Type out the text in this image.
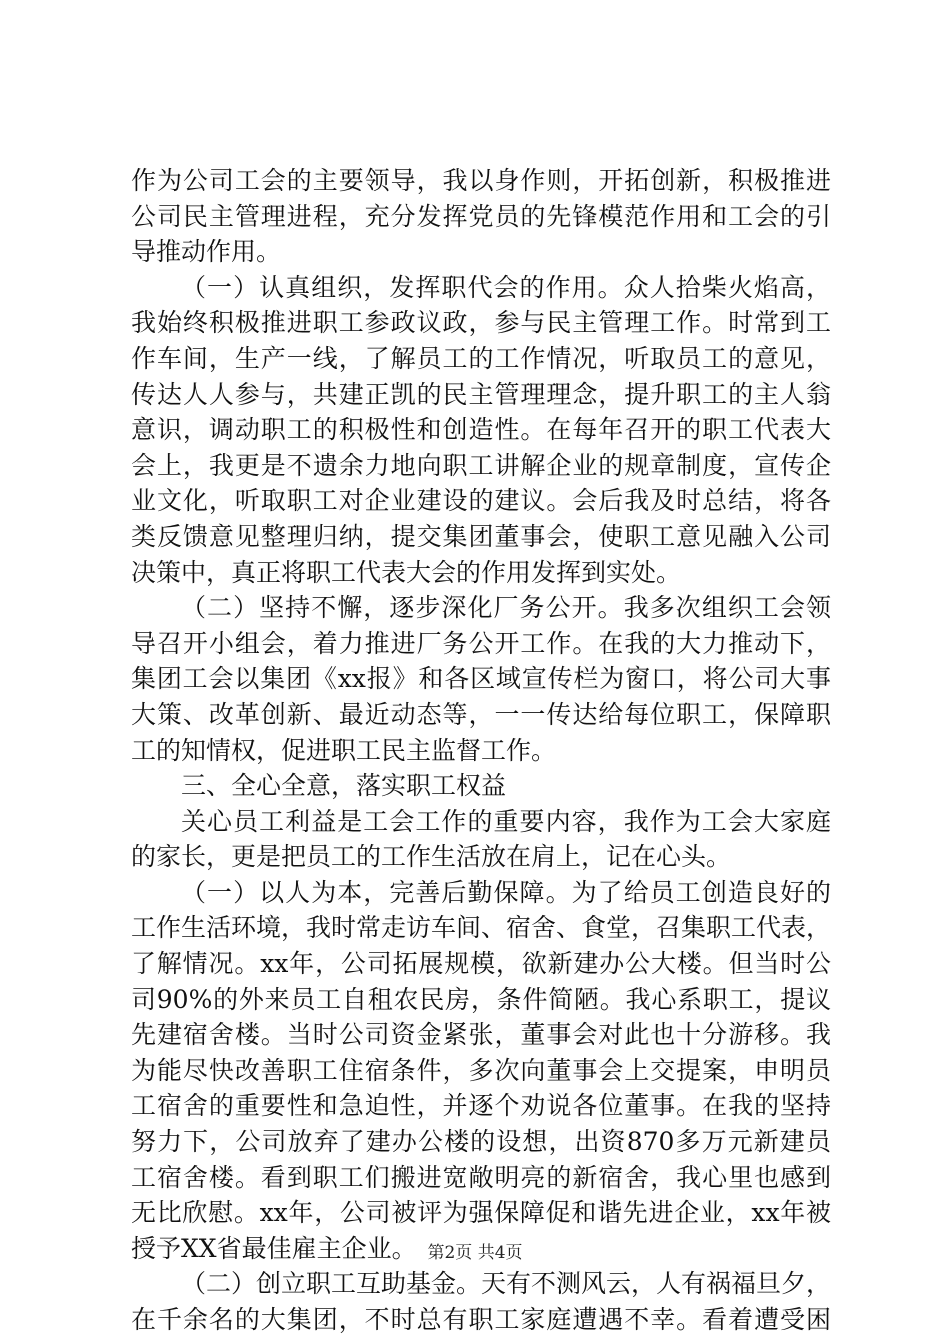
作为公司工会的主要领导，我以身作则，开拓创新，积极推进
公司民主管理进程，充分发挥党员的先锋模范作用和工会的引
导推动作用。
（一）认真组织，发挥职代会的作用。众人拾柴火焰高，
我始终积极推进职工参政议政，参与民主管理工作。时常到工
作车间，生产一线，了解员工的工作情况，听取员工的意见，
传达人人参与，共建正凯的民主管理理念，提升职工的主人翁
意识，调动职工的积极性和创造性。在每年召开的职工代表大
会上，我更是不遗余力地向职工讲解企业的规章制度，宣传企
业文化，听取职工对企业建设的建议。会后我及时总结，将各
类反馈意见整理归纳，提交集团董事会，使职工意见融入公司
决策中，真正将职工代表大会的作用发挥到实处。
（二）坚持不懈，逐步深化厂务公开。我多次组织工会领
导召开小组会，着力推进厂务公开工作。在我的大力推动下，
集团工会以集团《xx报》和各区域宣传栏为窗口，将公司大事
大策、改革创新、最近动态等，一一传达给每位职工，保障职
工的知情权，促进职工民主监督工作。
三、全心全意，落实职工权益
关心员工利益是工会工作的重要内容，我作为工会大家庭
的家长，更是把员工的工作生活放在肩上，记在心头。
（一）以人为本，完善后勤保障。为了给员工创造良好的
工作生活环境，我时常走访车间、宿舍、食堂，召集职工代表，
了解情况。xx年，公司拓展规模，欲新建办公大楼。但当时公
司90%的外来员工自租农民房，条件简陋。我心系职工，提议
先建宿舍楼。当时公司资金紧张，董事会对此也十分游移。我
为能尽快改善职工住宿条件，多次向董事会上交提案，申明员
工宿舍的重要性和急迫性，并逐个劝说各位董事。在我的坚持
努力下，公司放弃了建办公楼的设想，出资870多万元新建员
工宿舍楼。看到职工们搬进宽敞明亮的新宿舍，我心里也感到
无比欣慰。xx年，公司被评为强保障促和谐先进企业，xx年被
授予XX省最佳雇主企业。
（二）创立职工互助基金。天有不测风云，人有祸福旦夕，
在千余名的大集团，不时总有职工家庭遭遇不幸。看着遭受困
第2页 共4页
